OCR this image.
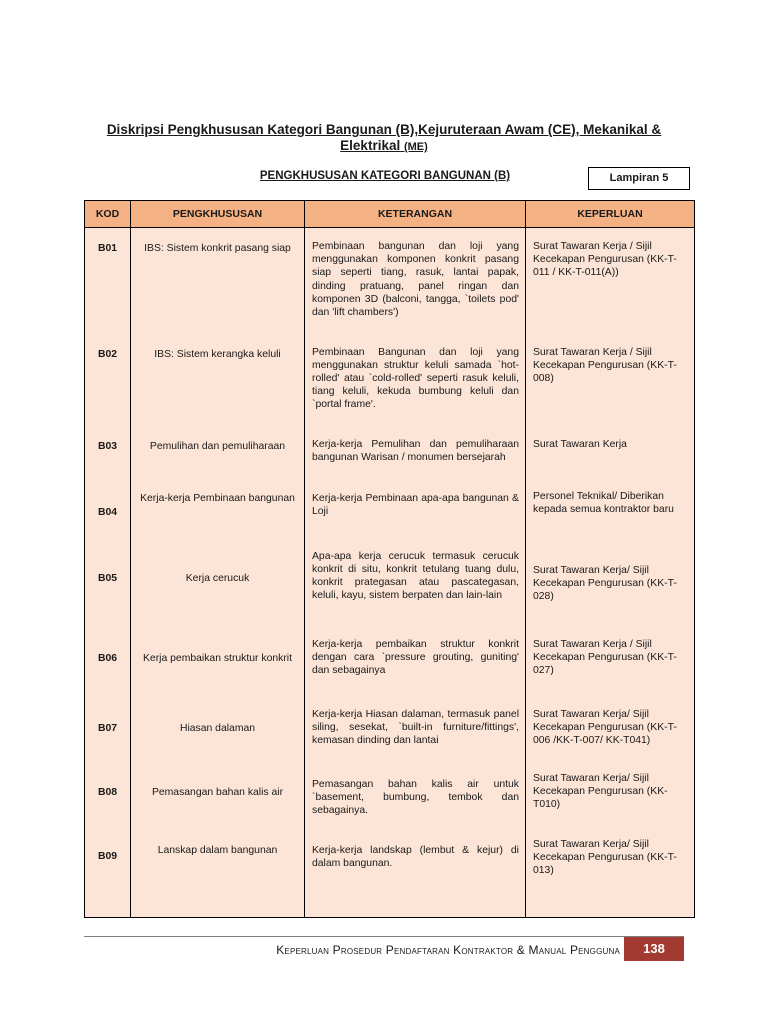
Diskripsi Pengkhususan Kategori Bangunan (B),Kejuruteraan Awam (CE), Mekanikal & Elektrikal (ME)
PENGKHUSUSAN KATEGORI BANGUNAN (B)	Lampiran 5
KOD	PENGKHUSUSAN	KETERANGAN	KEPERLUAN
B01	IBS: Sistem konkrit pasang siap	Pembinaan bangunan dan loji yang menggunakan komponen konkrit pasang siap seperti tiang, rasuk, lantai papak, dinding pratuang, panel ringan dan komponen 3D (balconi, tangga, `toilets pod' dan 'lift chambers')	Surat Tawaran Kerja / Sijil Kecekapan Pengurusan (KK-T-011 / KK-T-011(A))
B02	IBS: Sistem kerangka keluli	Pembinaan Bangunan dan loji yang menggunakan struktur keluli samada `hot-rolled' atau `cold-rolled' seperti rasuk keluli, tiang keluli, kekuda bumbung keluli dan `portal frame'.	Surat Tawaran Kerja / Sijil Kecekapan Pengurusan (KK-T-008)
B03	Pemulihan dan pemuliharaan	Kerja-kerja Pemulihan dan pemuliharaan bangunan Warisan / monumen bersejarah	Surat Tawaran Kerja
B04	Kerja-kerja Pembinaan bangunan	Kerja-kerja Pembinaan apa-apa bangunan & Loji	Personel Teknikal/ Diberikan kepada semua kontraktor baru
B05	Kerja cerucuk	Apa-apa kerja cerucuk termasuk cerucuk konkrit di situ, konkrit tetulang tuang dulu, konkrit prategasan atau pascategasan, keluli, kayu, sistem berpaten dan lain-lain	Surat Tawaran Kerja/ Sijil Kecekapan Pengurusan (KK-T-028)
B06	Kerja pembaikan struktur konkrit	Kerja-kerja pembaikan struktur konkrit dengan cara `pressure grouting, guniting' dan sebagainya	Surat Tawaran Kerja / Sijil Kecekapan Pengurusan (KK-T-027)
B07	Hiasan dalaman	Kerja-kerja Hiasan dalaman, termasuk panel siling, sesekat, `built-in furniture/fittings', kemasan dinding dan lantai	Surat Tawaran Kerja/ Sijil Kecekapan Pengurusan (KK-T-006 /KK-T-007/ KK-T041)
B08	Pemasangan bahan kalis air	Pemasangan bahan kalis air untuk `basement, bumbung, tembok dan sebagainya.	Surat Tawaran Kerja/ Sijil Kecekapan Pengurusan (KK-T010)
B09	Lanskap dalam bangunan	Kerja-kerja landskap (lembut & kejur) di dalam bangunan.	Surat Tawaran Kerja/ Sijil Kecekapan Pengurusan (KK-T-013)
Keperluan Prosedur Pendaftaran Kontraktor & Manual Pengguna	138
